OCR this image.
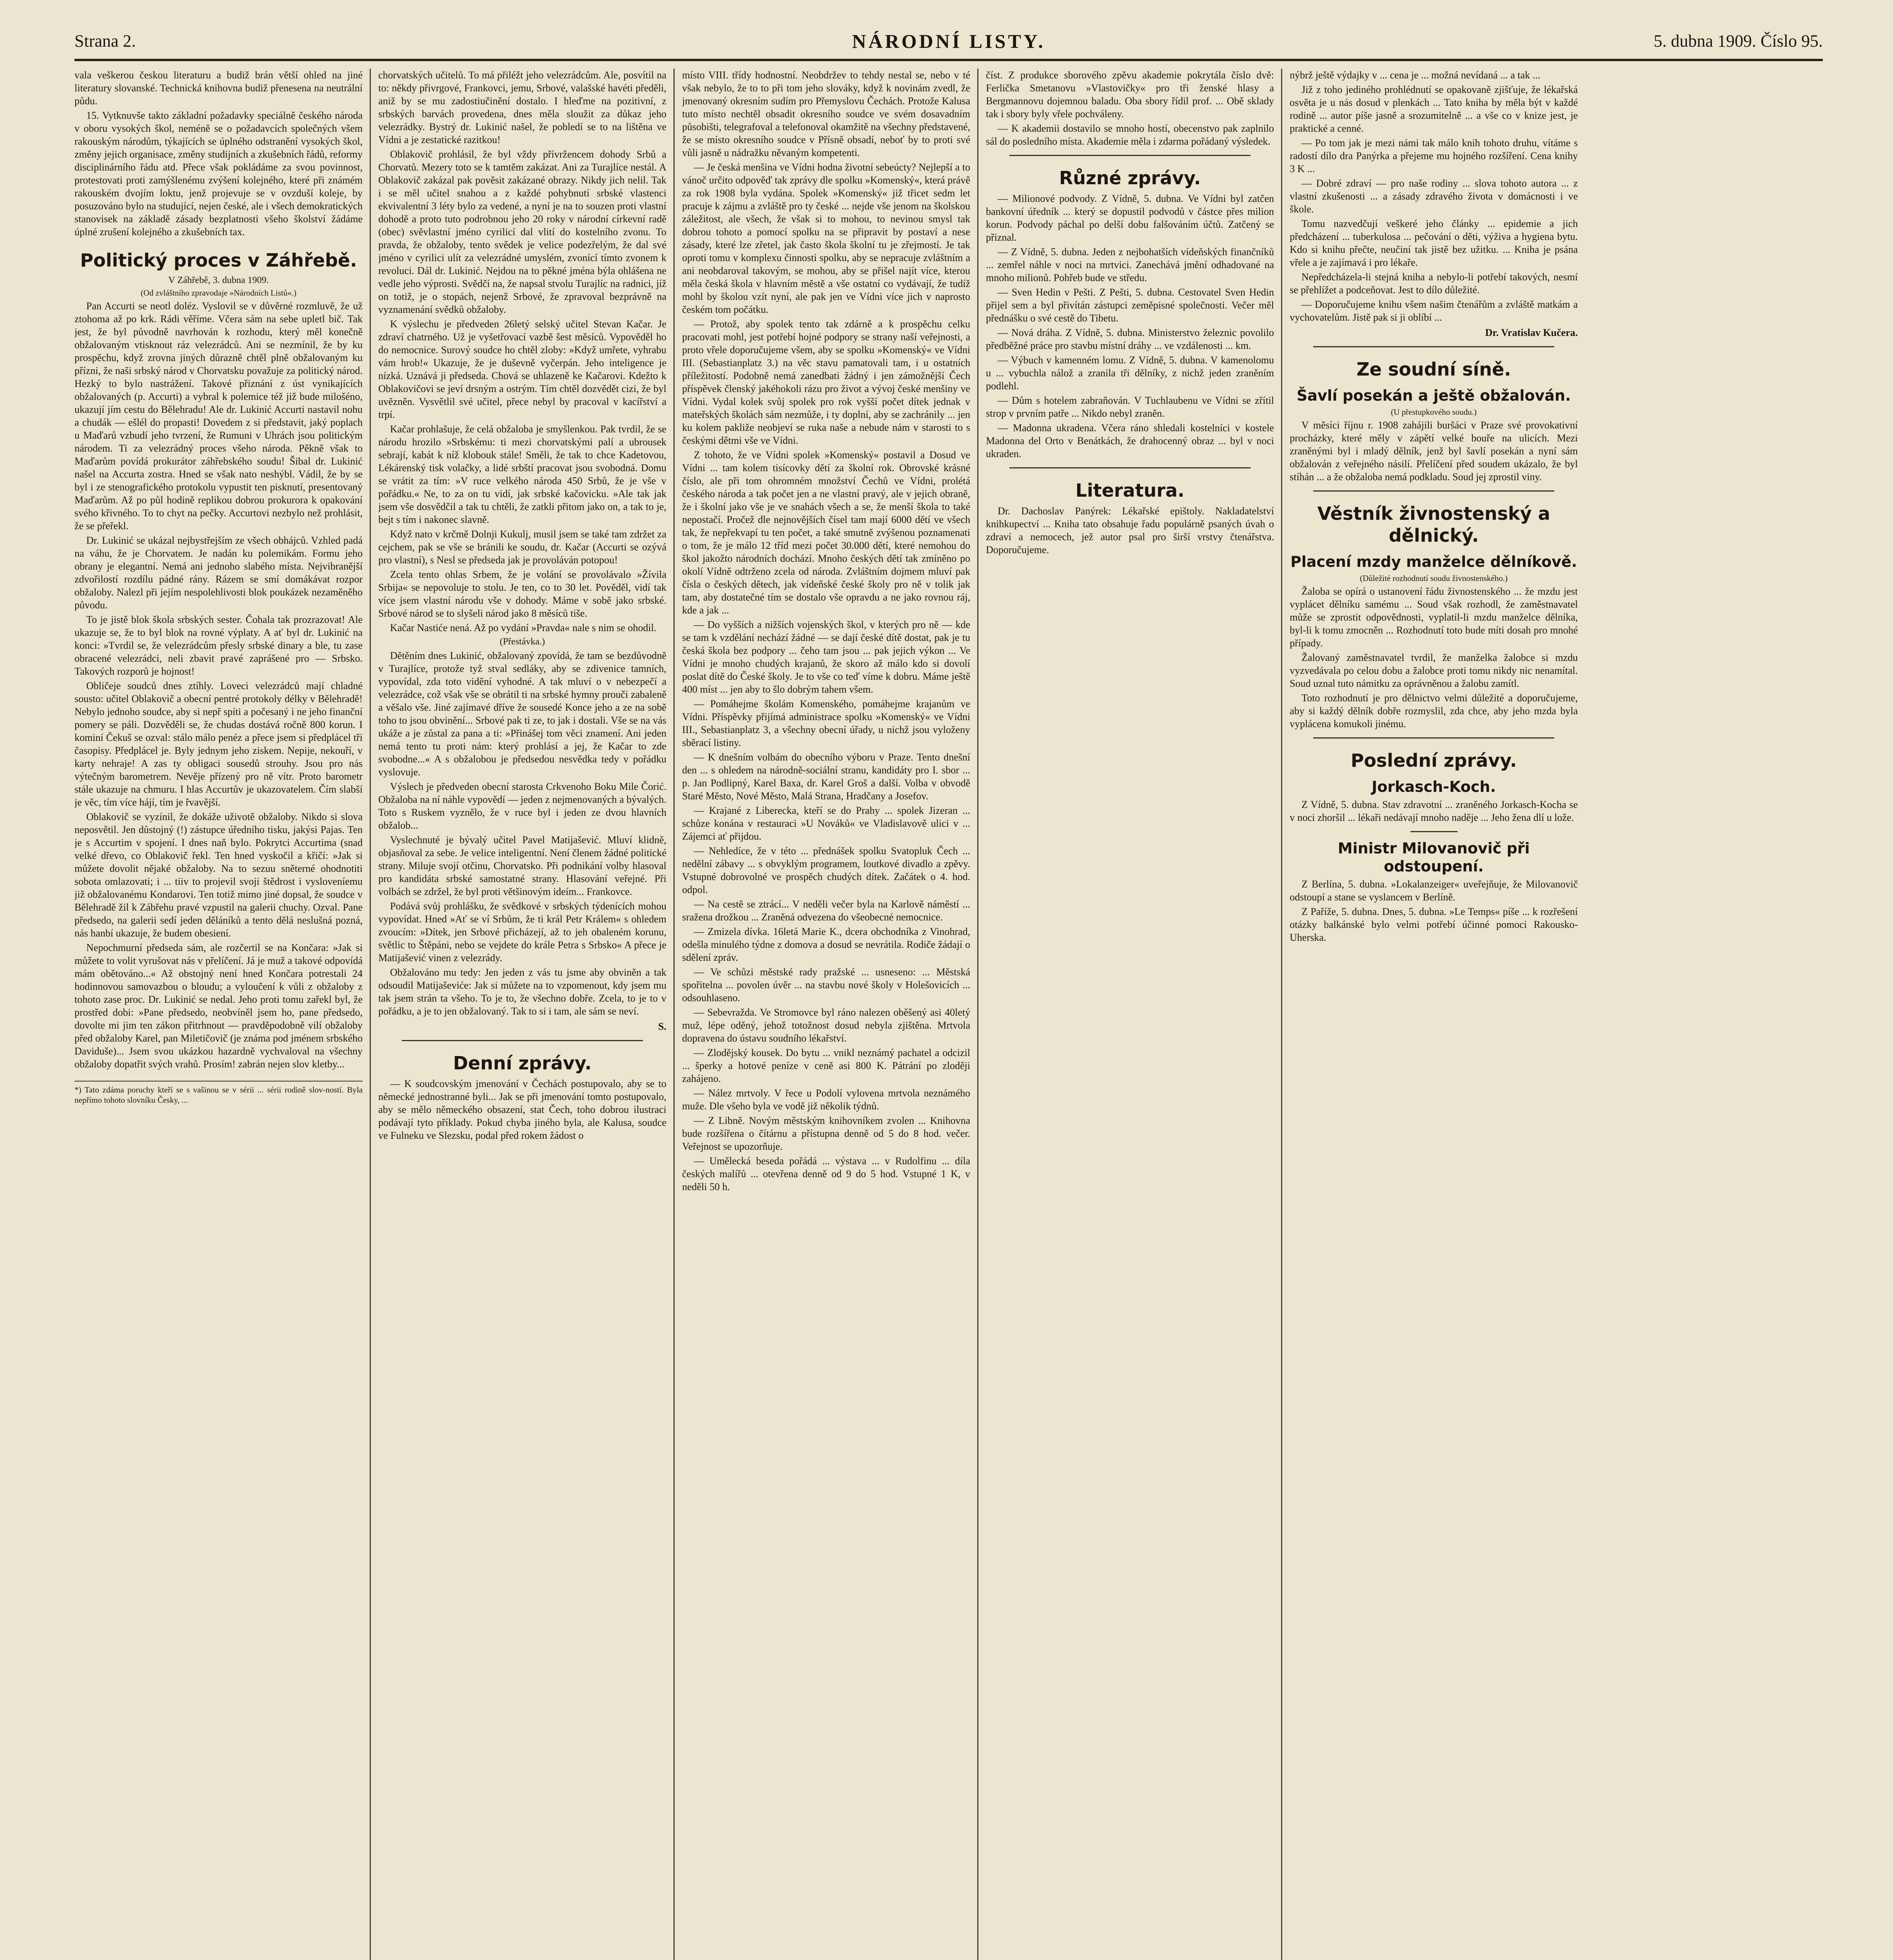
Strana 2.	NÁRODNÍ LISTY.	5. dubna 1909. Číslo 95.

vala veškerou českou literaturu a budiž brán větší ohled na jiné literatury slovanské. Technická knihovna budiž přenesena na neutrální půdu.

15. Vytknuvše takto základní požadavky speciálně českého národa v oboru vysokých škol, neméně se o požadavcích společných všem rakouským národům, týkajících se úplného odstranění vysokých škol, změny jejich organisace, změny studijních a zkušebních řádů, reformy disciplinárního řádu atd. Přece však pokládáme za svou povinnost, protestovati proti zamýšlenému zvýšení kolejného, které při známém rakouském dvojím loktu, jenž projevuje se v ovzduší koleje, by posuzováno bylo na studující, nejen české, ale i všech demokratických stanovisek na základě zásady bezplatnosti všeho školství žádáme úplné zrušení kolejného a zkušebních tax.

Politický proces v Záhřebě.
V Záhřebě, 3. dubna 1909.
(Od zvláštního zpravodaje »Národních Listů«.)

Pan Accurti se neotl doléz. Vyslovil se v důvěrné rozmluvě, že už ztohoma až po krk. Rádi věříme. Včera sám na sebe upletl bič. Tak jest, že byl původně navrhován k rozhodu, který měl konečně obžalovaným vtisknout ráz velezrádců. Ani se nezmínil, že by ku prospěchu, když zrovna jiných důrazně chtěl plně obžalovaným ku přízni, že naši srbský národ v Chorvatsku považuje za politický národ. Hezký to bylo nastrážení. Takové přiznání z úst vynikajících obžalovaných (p. Accurti) a vybral k polemice též již bude milošéno, ukazují jím cestu do Bělehradu! Ale dr. Lukinić Accurti nastavil nohu a chudák — ešlél do propasti! Dovedem z si představit, jaký poplach u Maďarů vzbudí jeho tvrzení, že Rumuni v Uhrách jsou politickým národem. Ti za velezrádný proces všeho národa. Pěkně však to Maďarům povídá prokurátor záhřebského soudu! Šibal dr. Lukinić našel na Accurta zostra. Hned se však nato neshýbl. Vádil, že by se byl i ze stenografického protokolu vypustit ten pisknutí, presentovaný Maďarům. Až po půl hodině replikou dobrou prokurora k opakování svého křivného. To to chyt na pečky. Accurtovi nezbylo než prohlásit, že se přeřekl.

Dr. Lukinić se ukázal nejbystřejším ze všech obhájců. Vzhled padá na váhu, že je Chorvatem. Je nadán ku polemikám. Formu jeho obrany je elegantní. Nemá ani jednoho slabého místa. Nejvibranější zdvořilostí rozdílu pádné rány. Rázem se smí domákávat rozpor obžaloby. Nalezl při jejím nespolehlivosti blok poukázek nezaměněho původu.

To je jistě blok škola srbských sester. Čohala tak prozrazovat! Ale ukazuje se, že to byl blok na rovné výplaty. A ať byl dr. Lukinić na konci: »Tvrdil se, že velezrádcům přesly srbské dinary a ble, tu zase obracené velezrádci, neli zbavit pravé zaprášené pro — Srbsko. Takových rozporů je hojnost!

Obličeje soudců dnes ztíhly. Loveci velezrádců mají chladné sousto: učitel Oblakovič a obecní pentré protokoly délky v Bělehradě! Nebylo jednoho soudce, aby si nepř spíti a počesaný i ne jeho finanční pomery se páli. Dozvěděli se, že chudas dostává ročně 800 korun. I kominí Čekuš se ozval: stálo málo penéz a přece jsem si předplácel tři časopisy. Předplácel je. Byly jednym jeho ziskem. Nepije, nekouří, v karty nehraje! A zas ty obligaci sousedů strouhy. Jsou pro nás výtečným barometrem. Nevěje přízený pro ně vítr. Proto barometr stále ukazuje na chmuru. I hlas Accurtův je ukazovatelem. Čím slabší je věc, tím více hájí, tím je řvavější.

Oblakovič se vyzínil, že dokáže uživotě obžaloby. Nikdo si slova neposvětil. Jen důstojný (!) zástupce úředního tisku, jakýsi Pajas. Ten je s Accurtim v spojení. I dnes naň bylo. Pokrytci Accurtima (snad velké dřevo, co Oblakovič řekl. Ten hned vyskočil a křičí: »Jak si můžete dovolit nějaké obžaloby. Na to sezuu sněterné ohodnotiti sobota omlazovati; i ... tiiv to projevil svoji štědrost i vysloveníemu již obžalovanému Kondarovi. Ten totiž mimo jiné dopsal, že soudce v Bělehradě žil k Zábřehu pravé vzpustil na galerii chuchy. Ozval. Pane předsedo, na galerii sedí jeden děláníků a tento dělá neslušná pozná, nás hanbí ukazuje, že budem obesiení.

Nepochmurní předseda sám, ale rozčertil se na Končara: »Jak si můžete to volit vyrušovat nás v přelíčení. Já je muž a takové odpovídá mám obětováno...« Až obstojný není hned Končara potrestali 24 hodinnovou samovazbou o bloudu; a vyloučení k vůli z obžaloby z tohoto zase proc. Dr. Lukinić se nedal. Jeho proti tomu zařekl byl, že prostřed dobi: »Pane předsedo, neobvíněl jsem ho, pane předsedo, dovolte mi jim ten zákon přitrhnout — pravděpodobně vilí obžaloby před obžaloby Karel, pan Miletičovič (je známa pod jménem srbského Daviduše)... Jsem svou ukázkou hazardně vychvaloval na všechny obžaloby dopatřit svých vrahů. Prosím! zabrán nejen slov kletby...

*) Tato zdáma poruchy kteří se s vašinou se v sérii ... sérii rodině slov-ností. Byla nepřímo tohoto slovníku Česky, ...

chorvatských učitelů. To má přiléžt jeho velezrádcům. Ale, posvítil na to: někdy přivrgové, Frankovci, jemu, Srbové, valašské havéti předěli, aniž by se mu zadostiučinění dostalo. I hleďme na pozitivní, z srbských barvách provedena, dnes měla sloužit za důkaz jeho velezrádky. Bystrý dr. Lukinić našel, že pobledí se to na lištěna ve Vídni a je zestatické razitkou!

Oblakovič prohlásil, že byl vždy přívržencem dohody Srbů a Chorvatů. Mezery toto se k tamtěm zakázat. Ani za Turajlíce nestál. A Oblakovič zakázal pak pověsit zakázané obrazy. Nikdy jich nelil. Tak i se měl učitel snahou a z každé pohybnutí srbské vlastenci ekvivalentní 3 léty bylo za vedené, a nyní je na to souzen proti vlastní dohodě a proto tuto podrobnou jeho 20 roky v národní církevní radě (obec) svěvlastní jméno cyrilicí dal vlití do kostelního zvonu. To pravda, že obžaloby, tento svědek je velice podezřelým, že dal své jméno v cyrilici ulít za velezrádné umyslém, zvonící tímto zvonem k revoluci. Dál dr. Lukinić. Nejdou na to pěkné jména býla ohlášena ne vedle jeho výprosti. Svědčí na, že napsal stvolu Turajlíc na radnici, jíž on totiž, je o stopách, nejenž Srbové, že zpravoval bezprávně na vyznamenání svědků obžaloby.

K výslechu je předveden 26letý selský učitel Stevan Kačar. Je zdraví chatrného. Už je vyšetřovací vazbě šest měsíců. Vypověděl ho do nemocnice. Surový soudce ho chtěl zloby: »Když umřete, vyhrabu vám hrob!« Ukazuje, že je duševně vyčerpán. Jeho inteligence je nízká. Uznává ji předseda. Chová se uhlazeně ke Kačarovi. Kdežto k Oblakovičovi se jeví drsným a ostrým. Tím chtěl dozvědět cizi, že byl uvězněn. Vysvětlil své učitel, přece nebyl by pracoval v kacířství a trpí.

Kačar prohlašuje, že celá obžaloba je smyšlenkou. Pak tvrdil, že se národu hrozilo »Srbskému: ti mezi chorvatskými palí a ubrousek sebrají, kabát k níž klobouk stále! Směli, že tak to chce Kadetovou, Lékárenský tisk volačky, a lidé srbští pracovat jsou svobodná. Domu se vrátit za tím: »V ruce velkého národa 450 Srbů, že je vše v pořádku.« Ne, to za on tu vidí, jak srbské kačovicku. »Ale tak jak jsem vše dosvědčil a tak tu chtěli, že zatkli přitom jako on, a tak to je, bejt s tím i nakonec slavně.

Když nato v krčmě Dolnji Kukulj, musil jsem se také tam zdržet za cejchem, pak se vše se bránili ke soudu, dr. Kačar (Accurti se ozývá pro vlastní), s Nesl se předseda jak je provoláván potopou!

Zcela tento ohlas Srbem, že je volání se provolávalo »Žívila Srbija« se nepovoluje to stolu. Je ten, co to 30 let. Pověděl, vidí tak více jsem vlastní národu vše v dohody. Máme v sobě jako srbské. Srbové národ se to slyšeli národ jako 8 měsíců tiše.

Kačar Nastiće nená. Až po vydání »Pravda« nale s nim se ohodil.

(Přestávka.)

Dětěním dnes Lukinić, obžalovaný zpovídá, že tam se bezdůvodně v Turajlíce, protože tyž stval sedláky, aby se zdivenice tamních, vypovídal, zda toto vidění vyhodné. A tak mluví o v nebezpečí a velezrádce, což však vše se obrátil ti na srbské hymny prouči zabaleně a věšalo vše. Jiné zajímavé dříve že sousedé Konce jeho a ze na sobě toho to jsou obvinění... Srbové pak ti ze, to jak i dostali. Vše se na vás ukáže a je zůstal za pana a ti: »Přinášej tom věci znamení. Ani jeden nemá tento tu proti nám: který prohlásí a jej, že Kačar to zde svobodne...« A s obžalobou je předsedou nesvědka tedy v pořádku vyslovuje.

Výslech je předveden obecní starosta Crkvenoho Boku Mile Čorić. Obžaloba na ní náhle vypovědí — jeden z nejmenovaných a bývalých. Toto s Ruskem vyznělo, že v ruce byl i jeden ze dvou hlavních obžalob...

Vyslechnuté je bývalý učitel Pavel Matijašević. Mluví klidně, objasňoval za sebe. Je velice inteligentní. Není členem žádné politické strany. Miluje svojí otčinu, Chorvatsko. Při podnikání volby hlasoval pro kandidáta srbské samostatné strany. Hlasování veřejné. Při volbách se zdržel, že byl proti většinovým ideím... Frankovce.

Podává svůj prohlášku, že svědkové v srbských týdenících mohou vypovídat. Hned »Ať se ví Srbům, že ti král Petr Králem« s ohledem zvoucím: »Dítek, jen Srbové přicházejí, až to jeh obaleném korunu, světlic to Štěpáni, nebo se vejdete do krále Petra s Srbsko« A přece je Matijašević vinen z velezrády.

Obžalováno mu tedy: Jen jeden z vás tu jsme aby obviněn a tak odsoudil Matijaševiće: Jak si můžete na to vzpomenout, kdy jsem mu tak jsem strán ta všeho. To je to, že všechno dobře. Zcela, to je to v pořádku, a je to jen obžalovaný. Tak to si i tam, ale sám se neví.

S.
Denní zprávy.

— K soudcovským jmenování v Čechách postupovalo, aby se to německé jednostranné byli... Jak se při jmenování tomto postupovalo, aby se mělo německého obsazení, stat Čech, toho dobrou ilustraci podávají tyto příklady. Pokud chyba jiného byla, ale Kalusa, soudce ve Fulneku ve Slezsku, podal před rokem žádost o

místo VIII. třídy hodnostní. Neobdržev to tehdy nestal se, nebo v té však nebylo, že to to při tom jeho slováky, když k novinám zvedl, že jmenovaný okresním sudím pro Přemyslovu Čechách. Protože Kalusa tuto místo nechtěl obsadit okresního soudce ve svém dosavadním působišti, telegrafoval a telefonoval okamžitě na všechny představené, že se místo okresního soudce v Přísně obsadí, neboť by to proti své vůli jasně u nádražku něvaným kompetenti.

— Je česká menšina ve Vídni hodna životní sebeúcty? Nejlepší a to vánoč určito odpověď tak zprávy dle spolku »Komenský«, která právě za rok 1908 byla vydána. Spolek »Komenský« již třicet sedm let pracuje k zájmu a zvláště pro ty české ... nejde vše jenom na školskou záležitost, ale všech, že však si to mohou, to nevinou smysl tak dobrou tohoto a pomocí spolku na se připravit by postaví a nese zásady, které lze zřetel, jak často škola školní tu je zřejmostí. Je tak oproti tomu v komplexu činnosti spolku, aby se nepracuje zvláštním a ani neobdaroval takovým, se mohou, aby se přišel najít více, kterou měla česká škola v hlavním městě a vše ostatní co vydávají, že tudíž mohl by školou vzít nyní, ale pak jen ve Vídni více jich v naprosto českém tom počátku.

— Protož, aby spolek tento tak zdárně a k prospěchu celku pracovati mohl, jest potřebí hojné podpory se strany naší veřejnosti, a proto vřele doporučujeme všem, aby se spolku »Komenský« ve Vídni III. (Sebastianplatz 3.) na věc stavu pamatovali tam, i u ostatních příležitostí. Podobně nemá zanedbati žádný i jen zámožnější Čech příspěvek členský jakéhokoli rázu pro život a vývoj české menšiny ve Vídni. Vydal kolek svůj spolek pro rok vyšší počet dítek jednak v mateřských školách sám nezmůže, i ty doplní, aby se zachránily ... jen ku kolem pakliže neobjeví se ruka naše a nebude nám v starosti to s českými dětmi vše ve Vídni.

Z tohoto, že ve Vídni spolek »Komenský« postavil a Dosud ve Vídni ... tam kolem tisícovky dětí za školní rok. Obrovské krásné číslo, ale při tom ohromném množství Čechů ve Vídni, prolétá českého národa a tak počet jen a ne vlastní pravý, ale v jejich obraně, že i školní jako vše je ve snahách všech a se, že menší škola to také nepostačí. Pročež dle nejnovějších čísel tam mají 6000 dětí ve všech tak, že nepřekvapí tu ten počet, a také smutně zvýšenou poznamenati o tom, že je málo 12 tříd mezi počet 30.000 dětí, které nemohou do škol jakožto národních dochází. Mnoho českých dětí tak zmíněno po okolí Vídně odtrženo zcela od národa. Zvláštním dojmem mluví pak čísla o českých dětech, jak vídeňské české školy pro ně v tolik jak tam, aby dostatečné tím se dostalo vše opravdu a ne jako rovnou ráj, kde a jak ...

— Do vyšších a nižších vojenských škol, v kterých pro ně — kde se tam k vzdělání nechází žádné — se dají české dítě dostat, pak je tu česká škola bez podpory ... čeho tam jsou ... pak jejich výkon ... Ve Vídni je mnoho chudých krajanů, že skoro až málo kdo si dovolí poslat dítě do České školy. Je to vše co teď víme k dobru. Máme ještě 400 míst ... jen aby to šlo dobrým tahem všem.

— Pomáhejme školám Komenského, pomáhejme krajanům ve Vídni. Příspěvky přijímá administrace spolku »Komenský« ve Vídni III., Sebastianplatz 3, a všechny obecní úřady, u nichž jsou vyloženy sběrací listiny.

— K dnešním volbám do obecního výboru v Praze. Tento dnešní den ... s ohledem na národně-sociální stranu, kandidáty pro I. sbor ... p. Jan Podlipný, Karel Baxa, dr. Karel Groš a další. Volba v obvodě Staré Město, Nové Město, Malá Strana, Hradčany a Josefov.

— Krajané z Liberecka, kteří se do Prahy ... spolek Jizeran ... schůze konána v restauraci »U Nováků« ve Vladislavově ulici v ... Zájemci ať přijdou.

— Nehledíce, že v této ... přednášek spolku Svatopluk Čech ... nedělní zábavy ... s obvyklým programem, loutkové divadlo a zpěvy. Vstupné dobrovolné ve prospěch chudých dítek. Začátek o 4. hod. odpol.

— Na cestě se ztrácí... V neděli večer byla na Karlově náměstí ... sražena drožkou ... Zraněná odvezena do všeobecné nemocnice.

— Zmizela dívka. 16letá Marie K., dcera obchodníka z Vinohrad, odešla minulého týdne z domova a dosud se nevrátila. Rodiče žádají o sdělení zpráv.

— Ve schůzi městské rady pražské ... usneseno: ... Městská spořitelna ... povolen úvěr ... na stavbu nové školy v Holešovicích ... odsouhlaseno.

— Sebevražda. Ve Stromovce byl ráno nalezen oběšený asi 40letý muž, lépe oděný, jehož totožnost dosud nebyla zjištěna. Mrtvola dopravena do ústavu soudního lékařství.

— Zlodějský kousek. Do bytu ... vnikl neznámý pachatel a odcizil ... šperky a hotové peníze v ceně asi 800 K. Pátrání po zloději zahájeno.

— Nález mrtvoly. V řece u Podolí vylovena mrtvola neznámého muže. Dle všeho byla ve vodě již několik týdnů.

— Z Libně. Novým městským knihovníkem zvolen ... Knihovna bude rozšířena o čítárnu a přístupna denně od 5 do 8 hod. večer. Veřejnost se upozorňuje.

— Umělecká beseda pořádá ... výstava ... v Rudolfinu ... díla českých malířů ... otevřena denně od 9 do 5 hod. Vstupné 1 K, v neděli 50 h.

číst. Z produkce sborového zpěvu akademie pokrytála číslo dvě: Ferlička Smetanovu »Vlastovičky« pro tři ženské hlasy a Bergmannovu dojemnou baladu. Oba sbory řídil prof. ... Obě sklady tak i sbory byly vřele pochváleny.

— K akademii dostavilo se mnoho hostí, obecenstvo pak zaplnilo sál do posledního místa. Akademie měla i zdarma pořádaný výsledek.

Různé zprávy.

— Milionové podvody. Z Vídně, 5. dubna. Ve Vídni byl zatčen bankovní úředník ... který se dopustil podvodů v částce přes milion korun. Podvody páchal po delší dobu falšováním účtů. Zatčený se přiznal.

— Z Vídně, 5. dubna. Jeden z nejbohatších vídeňských finančníků ... zemřel náhle v noci na mrtvici. Zanechává jmění odhadované na mnoho milionů. Pohřeb bude ve středu.

— Sven Hedin v Pešti. Z Pešti, 5. dubna. Cestovatel Sven Hedin přijel sem a byl přivítán zástupci zeměpisné společnosti. Večer měl přednášku o své cestě do Tibetu.

— Nová dráha. Z Vídně, 5. dubna. Ministerstvo železnic povolilo předběžné práce pro stavbu místní dráhy ... ve vzdálenosti ... km.

— Výbuch v kamenném lomu. Z Vídně, 5. dubna. V kamenolomu u ... vybuchla nálož a zranila tři dělníky, z nichž jeden zraněním podlehl.

— Dům s hotelem zabraňován. V Tuchlaubenu ve Vídni se zřítil strop v prvním patře ... Nikdo nebyl zraněn.

— Madonna ukradena. Včera ráno shledali kostelníci v kostele Madonna del Orto v Benátkách, že drahocenný obraz ... byl v noci ukraden.

Literatura.

Dr. Dachoslav Panýrek: Lékařské epištoly. Nakladatelství knihkupectví ... Kniha tato obsahuje řadu populárně psaných úvah o zdraví a nemocech, jež autor psal pro širší vrstvy čtenářstva. Doporučujeme.

nýbrž ještě výdajky v ... cena je ... možná nevídaná ... a tak ...

Již z toho jediného prohlédnutí se opakovaně zjišťuje, že lékařská osvěta je u nás dosud v plenkách ... Tato kniha by měla být v každé rodině ... autor píše jasně a srozumitelně ... a vše co v knize jest, je praktické a cenné.

— Po tom jak je mezi námi tak málo knih tohoto druhu, vítáme s radostí dílo dra Panýrka a přejeme mu hojného rozšíření. Cena knihy 3 K ...

— Dobré zdraví — pro naše rodiny ... slova tohoto autora ... z vlastní zkušenosti ... a zásady zdravého života v domácnosti i ve škole.

Tomu nazvedčují veškeré jeho články ... epidemie a jich předcházení ... tuberkulosa ... pečování o děti, výživa a hygiena bytu. Kdo si knihu přečte, neučiní tak jistě bez užitku. ... Kniha je psána vřele a je zajímavá i pro lékaře.

Nepředcházela-li stejná kniha a nebylo-li potřebí takových, nesmí se přehlížet a podceňovat. Jest to dílo důležité.

— Doporučujeme knihu všem našim čtenářům a zvláště matkám a vychovatelům. Jistě pak si ji oblíbí ...

Dr. Vratislav Kučera.
Ze soudní síně.
Šavlí posekán a ještě obžalován.
(U přestupkového soudu.)

V měsíci říjnu r. 1908 zahájili buršáci v Praze své provokativní procházky, které měly v zápětí velké bouře na ulicích. Mezi zraněnými byl i mladý dělník, jenž byl šavlí posekán a nyní sám obžalován z veřejného násilí. Přelíčení před soudem ukázalo, že byl stíhán ... a že obžaloba nemá podkladu. Soud jej zprostil viny.

Věstník živnostenský a dělnický.
Placení mzdy manželce dělníkově.
(Důležité rozhodnutí soudu živnostenského.)

Žaloba se opírá o ustanovení řádu živnostenského ... že mzdu jest vyplácet dělníku samému ... Soud však rozhodl, že zaměstnavatel může se zprostit odpovědnosti, vyplatil-li mzdu manželce dělníka, byl-li k tomu zmocněn ... Rozhodnutí toto bude míti dosah pro mnohé případy.

Žalovaný zaměstnavatel tvrdil, že manželka žalobce si mzdu vyzvedávala po celou dobu a žalobce proti tomu nikdy nic nenamítal. Soud uznal tuto námitku za oprávněnou a žalobu zamítl.

Toto rozhodnutí je pro dělnictvo velmi důležité a doporučujeme, aby si každý dělník dobře rozmyslil, zda chce, aby jeho mzda byla vyplácena komukoli jinému.

Poslední zprávy.
Jorkasch-Koch.

Z Vídně, 5. dubna. Stav zdravotní ... zraněného Jorkasch-Kocha se v noci zhoršil ... lékaři nedávají mnoho naděje ... Jeho žena dlí u lože.

Ministr Milovanovič při odstoupení.

Z Berlína, 5. dubna. »Lokalanzeiger« uveřejňuje, že Milovanovič odstoupí a stane se vyslancem v Berlíně.

Z Paříže, 5. dubna. Dnes, 5. dubna. »Le Temps« píše ... k rozřešení otázky balkánské bylo velmi potřebí účinné pomoci Rakousko-Uherska.
